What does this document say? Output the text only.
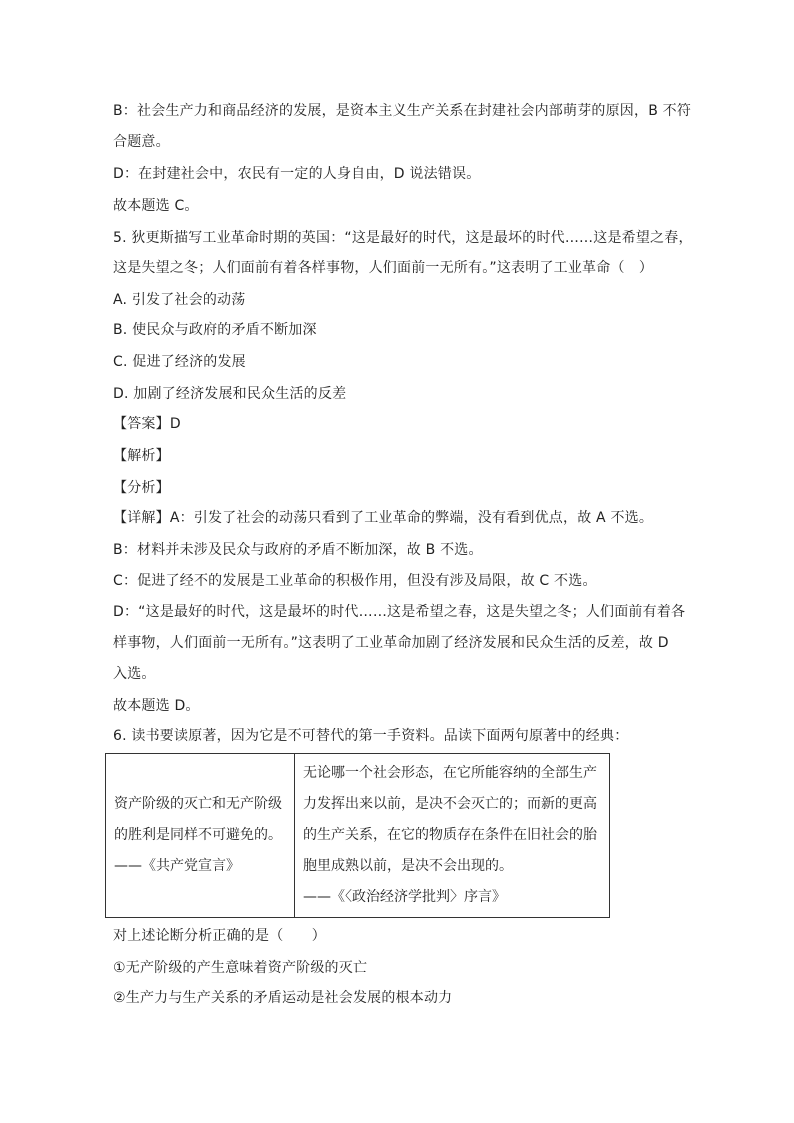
B：社会生产力和商品经济的发展，是资本主义生产关系在封建社会内部萌芽的原因，B 不符
合题意。
D：在封建社会中，农民有一定的人身自由，D 说法错误。
故本题选 C。
5. 狄更斯描写工业革命时期的英国：“这是最好的时代，这是最坏的时代……这是希望之春，
这是失望之冬；人们面前有着各样事物，人们面前一无所有。”这表明了工业革命（　）
A. 引发了社会的动荡
B. 使民众与政府的矛盾不断加深
C. 促进了经济的发展
D. 加剧了经济发展和民众生活的反差
【答案】D
【解析】
【分析】
【详解】A：引发了社会的动荡只看到了工业革命的弊端，没有看到优点，故 A 不选。
B：材料并未涉及民众与政府的矛盾不断加深，故 B 不选。
C：促进了经不的发展是工业革命的积极作用，但没有涉及局限，故 C 不选。
D：“这是最好的时代，这是最坏的时代……这是希望之春，这是失望之冬；人们面前有着各
样事物，人们面前一无所有。”这表明了工业革命加剧了经济发展和民众生活的反差，故 D
入选。
故本题选 D。
6. 读书要读原著，因为它是不可替代的第一手资料。品读下面两句原著中的经典：
资产阶级的灭亡和无产阶级
的胜利是同样不可避免的。
——《共产党宣言》

无论哪一个社会形态，在它所能容纳的全部生产
力发挥出来以前，是决不会灭亡的；而新的更高
的生产关系，在它的物质存在条件在旧社会的胎
胞里成熟以前，是决不会出现的。
——《〈政治经济学批判〉序言》
对上述论断分析正确的是（　　）
①无产阶级的产生意味着资产阶级的灭亡
②生产力与生产关系的矛盾运动是社会发展的根本动力
